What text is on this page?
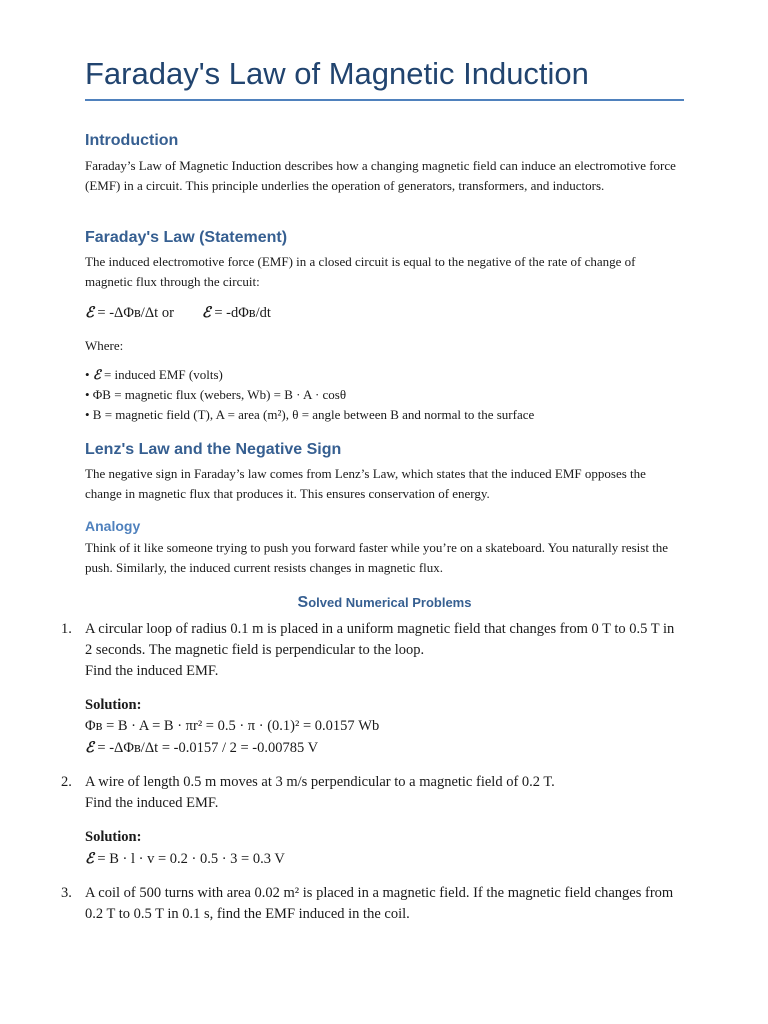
Faraday's Law of Magnetic Induction
Introduction

Faraday’s Law of Magnetic Induction describes how a changing magnetic field can induce an electromotive force (EMF) in a circuit. This principle underlies the operation of generators, transformers, and inductors.

Faraday's Law (Statement)

The induced electromotive force (EMF) in a closed circuit is equal to the negative of the rate of change of magnetic flux through the circuit:

ℰ = -ΔΦʙ/Δt or ℰ = -dΦʙ/dt

Where:

• ℰ = induced EMF (volts)
• ΦB = magnetic flux (webers, Wb) = B · A · cosθ
• B = magnetic field (T), A = area (m²), θ = angle between B and normal to the surface
Lenz's Law and the Negative Sign

The negative sign in Faraday’s law comes from Lenz’s Law, which states that the induced EMF opposes the change in magnetic flux that produces it. This ensures conservation of energy.

Analogy

Think of it like someone trying to push you forward faster while you’re on a skateboard. You naturally resist the push. Similarly, the induced current resists changes in magnetic flux.

Solved Numerical Problems
1. A circular loop of radius 0.1 m is placed in a uniform magnetic field that changes from 0 T to 0.5 T in 2 seconds. The magnetic field is perpendicular to the loop.
Find the induced EMF.
Solution:
Φʙ = B · A = B · πr² = 0.5 · π · (0.1)² = 0.0157 Wb
ℰ = -ΔΦʙ/Δt = -0.0157 / 2 = -0.00785 V
2. A wire of length 0.5 m moves at 3 m/s perpendicular to a magnetic field of 0.2 T.
Find the induced EMF.
Solution:
ℰ = B · l · v = 0.2 · 0.5 · 3 = 0.3 V
3. A coil of 500 turns with area 0.02 m² is placed in a magnetic field. If the magnetic field changes from 0.2 T to 0.5 T in 0.1 s, find the EMF induced in the coil.
